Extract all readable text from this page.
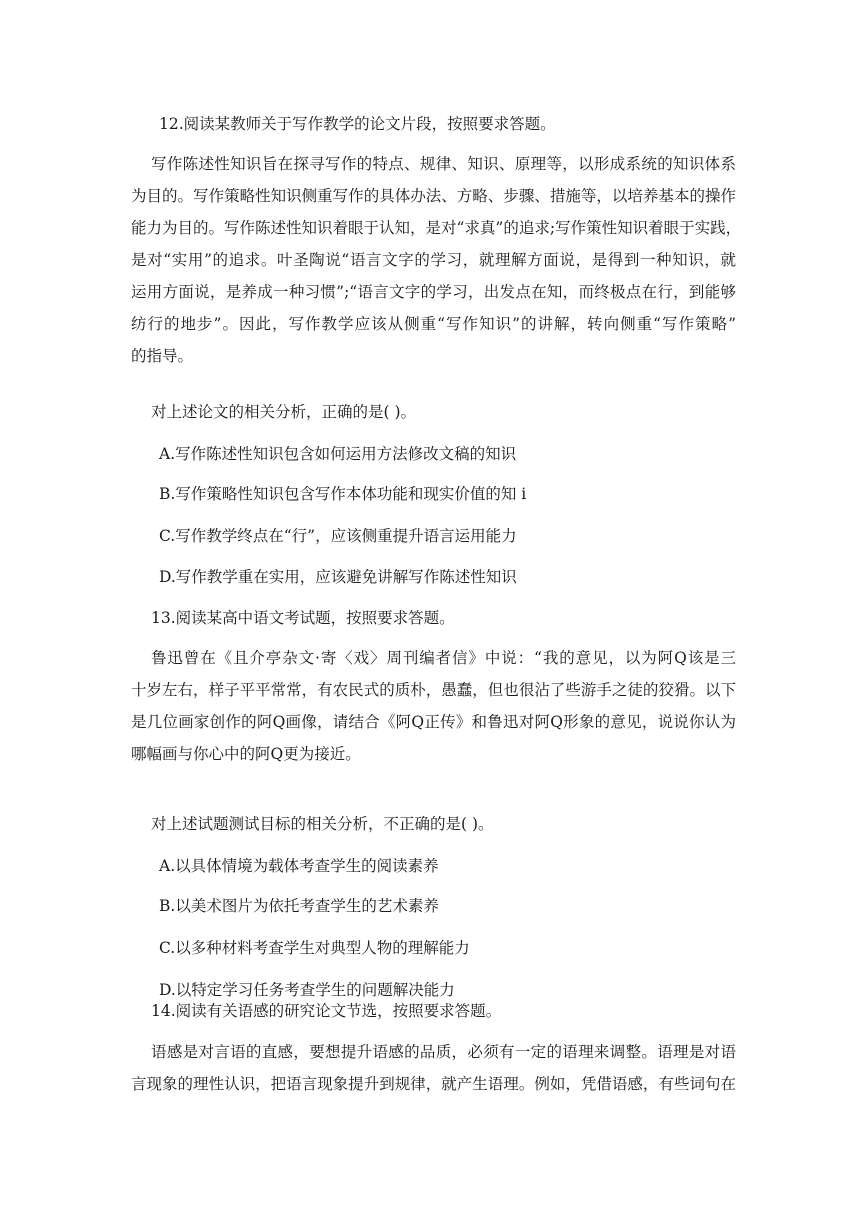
12.阅读某教师关于写作教学的论文片段，按照要求答题。

写作陈述性知识旨在探寻写作的特点、规律、知识、原理等，以形成系统的知识体系

为目的。写作策略性知识侧重写作的具体办法、方略、步骤、措施等，以培养基本的操作

能力为目的。写作陈述性知识着眼于认知，是对“求真”的追求;写作策性知识着眼于实践，

是对“实用”的追求。叶圣陶说“语言文字的学习，就理解方面说，是得到一种知识，就

运用方面说，是养成一种习惯”;“语言文字的学习，出发点在知，而终极点在行，到能够

纺行的地步”。因此，写作教学应该从侧重“写作知识”的讲解，转向侧重“写作策略”

的指导。

对上述论文的相关分析，正确的是( )。

A.写作陈述性知识包含如何运用方法修改文稿的知识

B.写作策略性知识包含写作本体功能和现实价值的知 i

C.写作教学终点在“行”，应该侧重提升语言运用能力

D.写作教学重在实用，应该避免讲解写作陈述性知识

13.阅读某高中语文考试题，按照要求答题。

鲁迅曾在《且介亭杂文·寄〈戏〉周刊编者信》中说：“我的意见，以为阿Q该是三

十岁左右，样子平平常常，有农民式的质朴，愚蠢，但也很沾了些游手之徒的狡猾。以下

是几位画家创作的阿Q画像，请结合《阿Q正传》和鲁迅对阿Q形象的意见，说说你认为

哪幅画与你心中的阿Q更为接近。

对上述试题测试目标的相关分析，不正确的是( )。

A.以具体情境为载体考查学生的阅读素养

B.以美术图片为依托考查学生的艺术素养

C.以多种材料考查学生对典型人物的理解能力

D.以特定学习任务考查学生的问题解决能力

14.阅读有关语感的研究论文节选，按照要求答题。

语感是对言语的直感，要想提升语感的品质，必须有一定的语理来调整。语理是对语

言现象的理性认识，把语言现象提升到规律，就产生语理。例如，凭借语感，有些词句在
